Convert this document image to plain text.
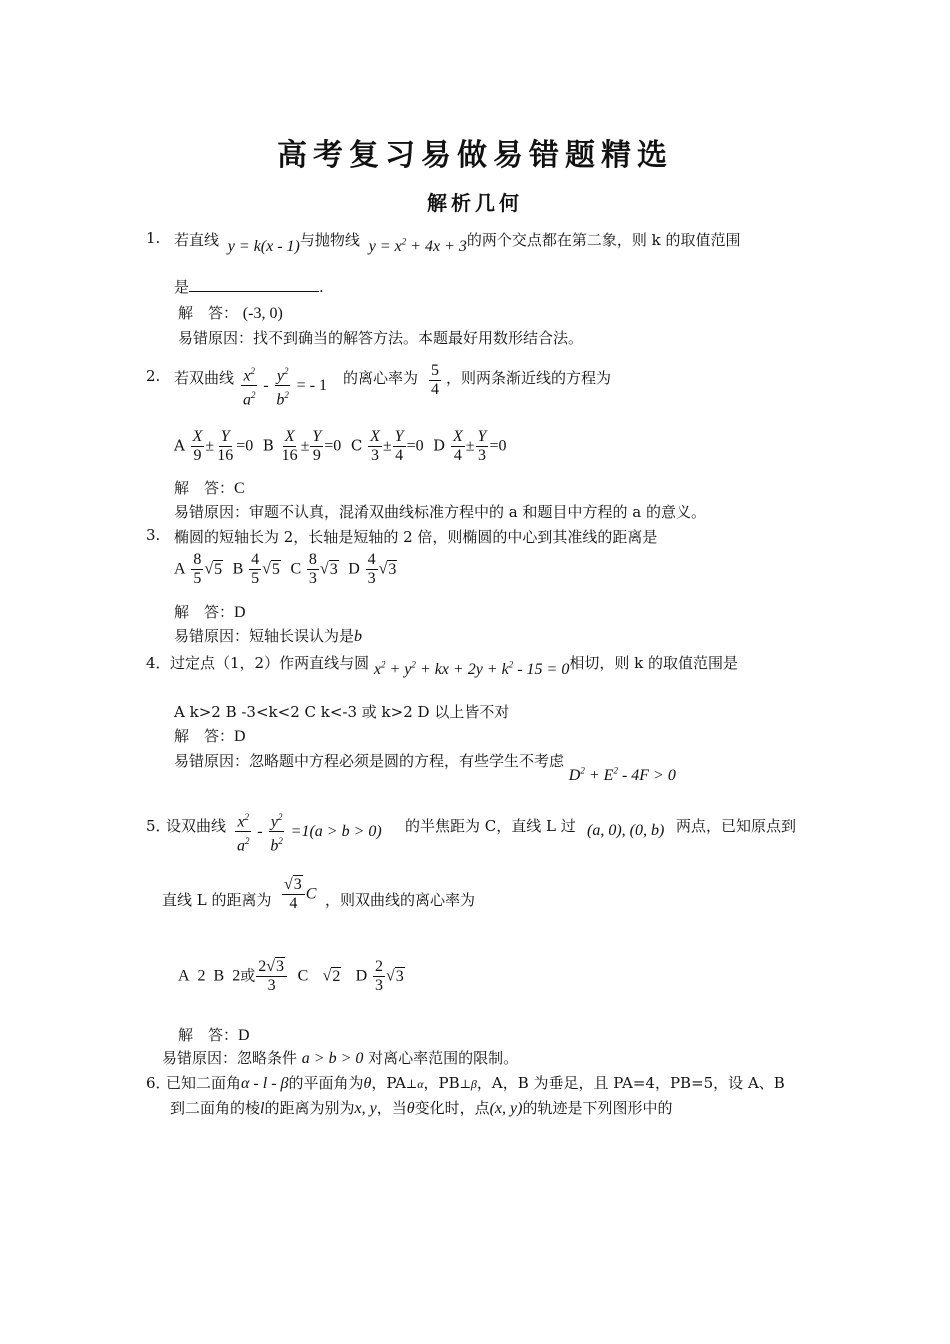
高考复习易做易错题精选
解析几何
1. 若直线 y = k(x - 1)与抛物线 $y = x^2 + 4x + 3$的两个交点都在第二象，则 k 的取值范围
是	.
解　答： (-3, 0)
易错原因：找不到确当的解答方法。本题最好用数形结合法。
2. 若双曲线 $\frac{x^2}{a^2} - \frac{y^2}{b^2}$ = - 1 的离心率为 $\frac{5}{4}$ ，则两条渐近线的方程为
A $\frac{X}{9} \pm \frac{Y}{16} =0$ B $\frac{X}{16} \pm \frac{Y}{9} =0$ C $\frac{X}{3} \pm \frac{Y}{4} =0$ D $\frac{X}{4} \pm \frac{Y}{3} =0$
解　答：C
易错原因：审题不认真，混淆双曲线标准方程中的 a 和题目中方程的 a 的意义。
3. 椭圆的短轴长为 2，长轴是短轴的 2 倍，则椭圆的中心到其准线的距离是
A $\frac{8}{5} √5$ B $\frac{4}{5} √5$ C $\frac{8}{3} √3$ D $\frac{4}{3} √3$
解　答：D
易错原因：短轴长误认为是b
4． 过定点（1，2）作两直线与圆 $x^2 + y^2$ + kx + $2y + k^2 - 15 = 0$相切，则 k 的取值范围是
A k>2 B -3<k<2 C k<-3 或 k>2 D 以上皆不对
解　答：D
易错原因：忽略题中方程必须是圆的方程，有些学生不考虑 $D^2 + E^2 - 4F > 0$
5．
设双曲线 $\frac{x^2}{a^2} - \frac{y^2}{b^2} =1(a > b > 0)$ 的半焦距为 C，直线 L 过 (a, 0), (0, b) 两点，已知原点到
直线 L 的距离为 $\frac{√3}{4}$ C ，则双曲线的离心率为
A  2  B  2或 $\frac{2√3}{3}$ C √2 D $\frac{2}{3} √3$
解　答：D
易错原因：忽略条件 a > b > 0 对离心率范围的限制。
6．
已知二面角α - l - β的平面角为θ，PA⊥α，PB⊥β，A，B 为垂足，且 PA=4，PB=5，设 A、B
到二面角的棱l的距离为别为x, y，当θ变化时，点(x, y)的轨迹是下列图形中的
